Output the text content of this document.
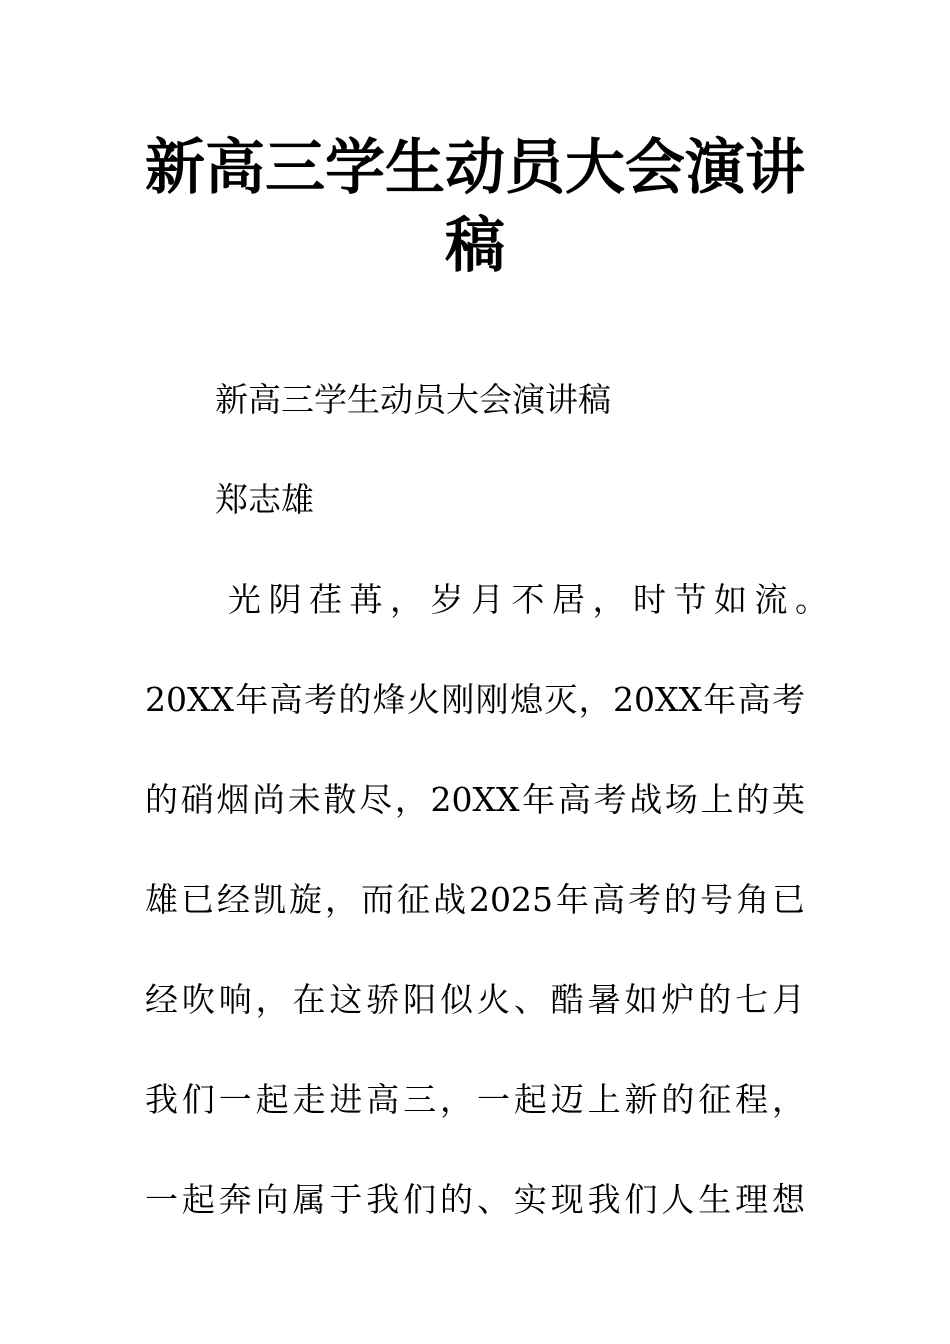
新高三学生动员大会演讲
稿
新高三学生动员大会演讲稿
郑志雄
光阴荏苒，岁月不居，时节如流。
20XX年高考的烽火刚刚熄灭，20XX年高考
的硝烟尚未散尽，20XX年高考战场上的英
雄已经凯旋，而征战2025年高考的号角已
经吹响，在这骄阳似火、酷暑如炉的七月
我们一起走进高三，一起迈上新的征程，
一起奔向属于我们的、实现我们人生理想
